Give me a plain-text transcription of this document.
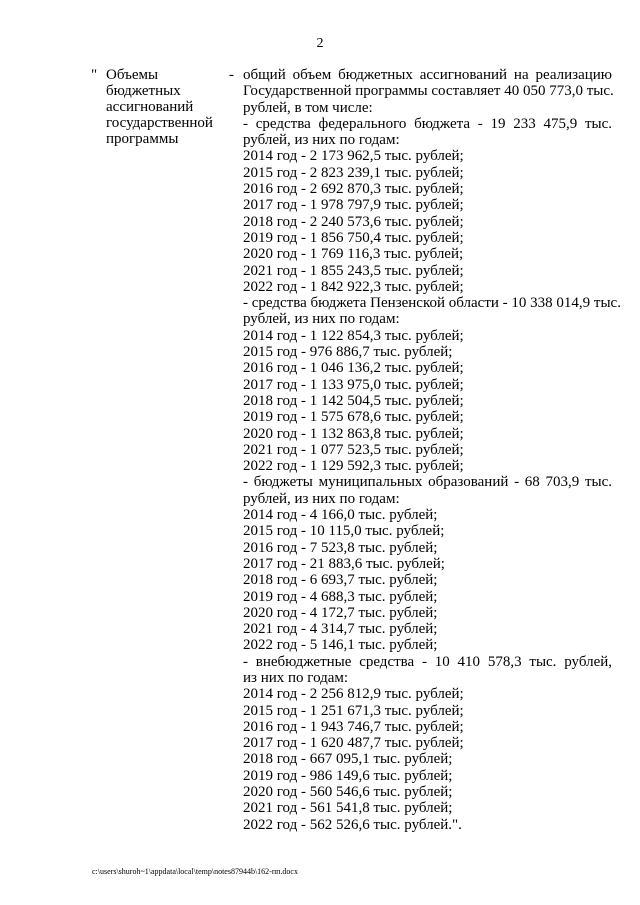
2
" Объемы
бюджетных
ассигнований
государственной
программы
- общий объем бюджетных ассигнований на реализацию
Государственной программы составляет 40 050 773,0 тыс.
рублей, в том числе:
- средства федерального бюджета - 19 233 475,9 тыс.
рублей, из них по годам:
2014 год - 2 173 962,5 тыс. рублей;
2015 год - 2 823 239,1 тыс. рублей;
2016 год - 2 692 870,3 тыс. рублей;
2017 год - 1 978 797,9 тыс. рублей;
2018 год - 2 240 573,6 тыс. рублей;
2019 год - 1 856 750,4 тыс. рублей;
2020 год - 1 769 116,3 тыс. рублей;
2021 год - 1 855 243,5 тыс. рублей;
2022 год - 1 842 922,3 тыс. рублей;
- средства бюджета Пензенской области - 10 338 014,9 тыс.
рублей, из них по годам:
2014 год - 1 122 854,3 тыс. рублей;
2015 год - 976 886,7 тыс. рублей;
2016 год - 1 046 136,2 тыс. рублей;
2017 год - 1 133 975,0 тыс. рублей;
2018 год - 1 142 504,5 тыс. рублей;
2019 год - 1 575 678,6 тыс. рублей;
2020 год - 1 132 863,8 тыс. рублей;
2021 год - 1 077 523,5 тыс. рублей;
2022 год - 1 129 592,3 тыс. рублей;
- бюджеты муниципальных образований - 68 703,9 тыс.
рублей, из них по годам:
2014 год - 4 166,0 тыс. рублей;
2015 год - 10 115,0 тыс. рублей;
2016 год - 7 523,8 тыс. рублей;
2017 год - 21 883,6 тыс. рублей;
2018 год - 6 693,7 тыс. рублей;
2019 год - 4 688,3 тыс. рублей;
2020 год - 4 172,7 тыс. рублей;
2021 год - 4 314,7 тыс. рублей;
2022 год - 5 146,1 тыс. рублей;
- внебюджетные средства - 10 410 578,3 тыс. рублей,
из них по годам:
2014 год - 2 256 812,9 тыс. рублей;
2015 год - 1 251 671,3 тыс. рублей;
2016 год - 1 943 746,7 тыс. рублей;
2017 год - 1 620 487,7 тыс. рублей;
2018 год - 667 095,1 тыс. рублей;
2019 год - 986 149,6 тыс. рублей;
2020 год - 560 546,6 тыс. рублей;
2021 год - 561 541,8 тыс. рублей;
2022 год - 562 526,6 тыс. рублей.".
c:\users\shuroh~1\appdata\local\temp\notes87944b\162-пп.docx
